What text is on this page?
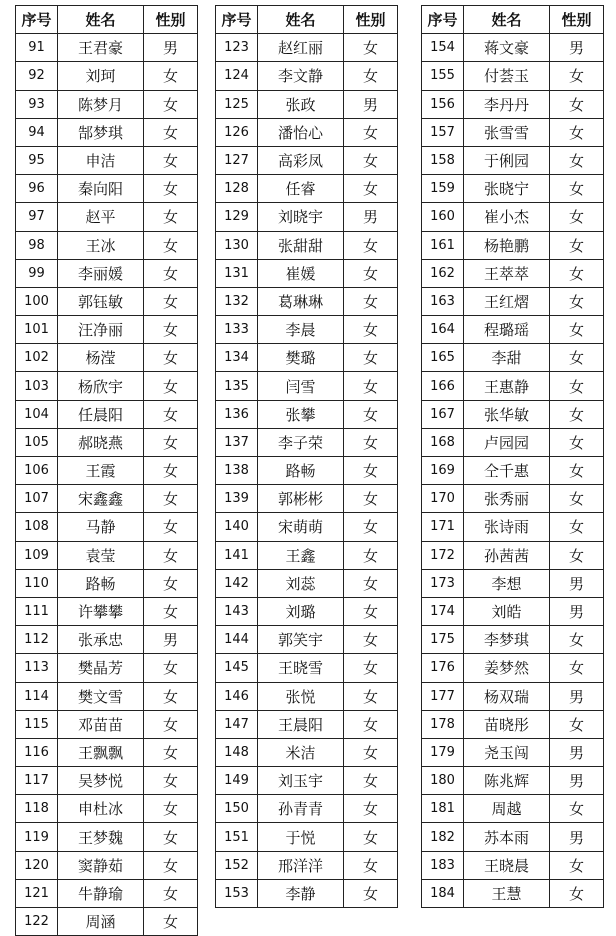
序号	姓名	性别
91	王君豪	男
92	刘珂	女
93	陈梦月	女
94	郜梦琪	女
95	申洁	女
96	秦向阳	女
97	赵平	女
98	王冰	女
99	李丽媛	女
100	郭钰敏	女
101	汪净丽	女
102	杨滢	女
103	杨欣宇	女
104	任晨阳	女
105	郝晓燕	女
106	王霞	女
107	宋鑫鑫	女
108	马静	女
109	袁莹	女
110	路畅	女
111	许攀攀	女
112	张承忠	男
113	樊晶芳	女
114	樊文雪	女
115	邓苗苗	女
116	王飘飘	女
117	吴梦悦	女
118	申杜冰	女
119	王梦魏	女
120	窦静茹	女
121	牛静瑜	女
122	周涵	女
序号	姓名	性别
123	赵红丽	女
124	李文静	女
125	张政	男
126	潘怡心	女
127	高彩凤	女
128	任睿	女
129	刘晓宇	男
130	张甜甜	女
131	崔媛	女
132	葛琳琳	女
133	李晨	女
134	樊璐	女
135	闫雪	女
136	张攀	女
137	李子荣	女
138	路畅	女
139	郭彬彬	女
140	宋萌萌	女
141	王鑫	女
142	刘蕊	女
143	刘璐	女
144	郭笑宇	女
145	王晓雪	女
146	张悦	女
147	王晨阳	女
148	米洁	女
149	刘玉宇	女
150	孙青青	女
151	于悦	女
152	邢洋洋	女
153	李静	女
序号	姓名	性别
154	蒋文豪	男
155	付荟玉	女
156	李丹丹	女
157	张雪雪	女
158	于俐园	女
159	张晓宁	女
160	崔小杰	女
161	杨艳鹏	女
162	王萃萃	女
163	王红熠	女
164	程璐瑶	女
165	李甜	女
166	王惠静	女
167	张华敏	女
168	卢园园	女
169	仝千惠	女
170	张秀丽	女
171	张诗雨	女
172	孙茜茜	女
173	李想	男
174	刘皓	男
175	李梦琪	女
176	姜梦然	女
177	杨双瑞	男
178	苗晓彤	女
179	尧玉闯	男
180	陈兆辉	男
181	周越	女
182	苏本雨	男
183	王晓晨	女
184	王慧	女
